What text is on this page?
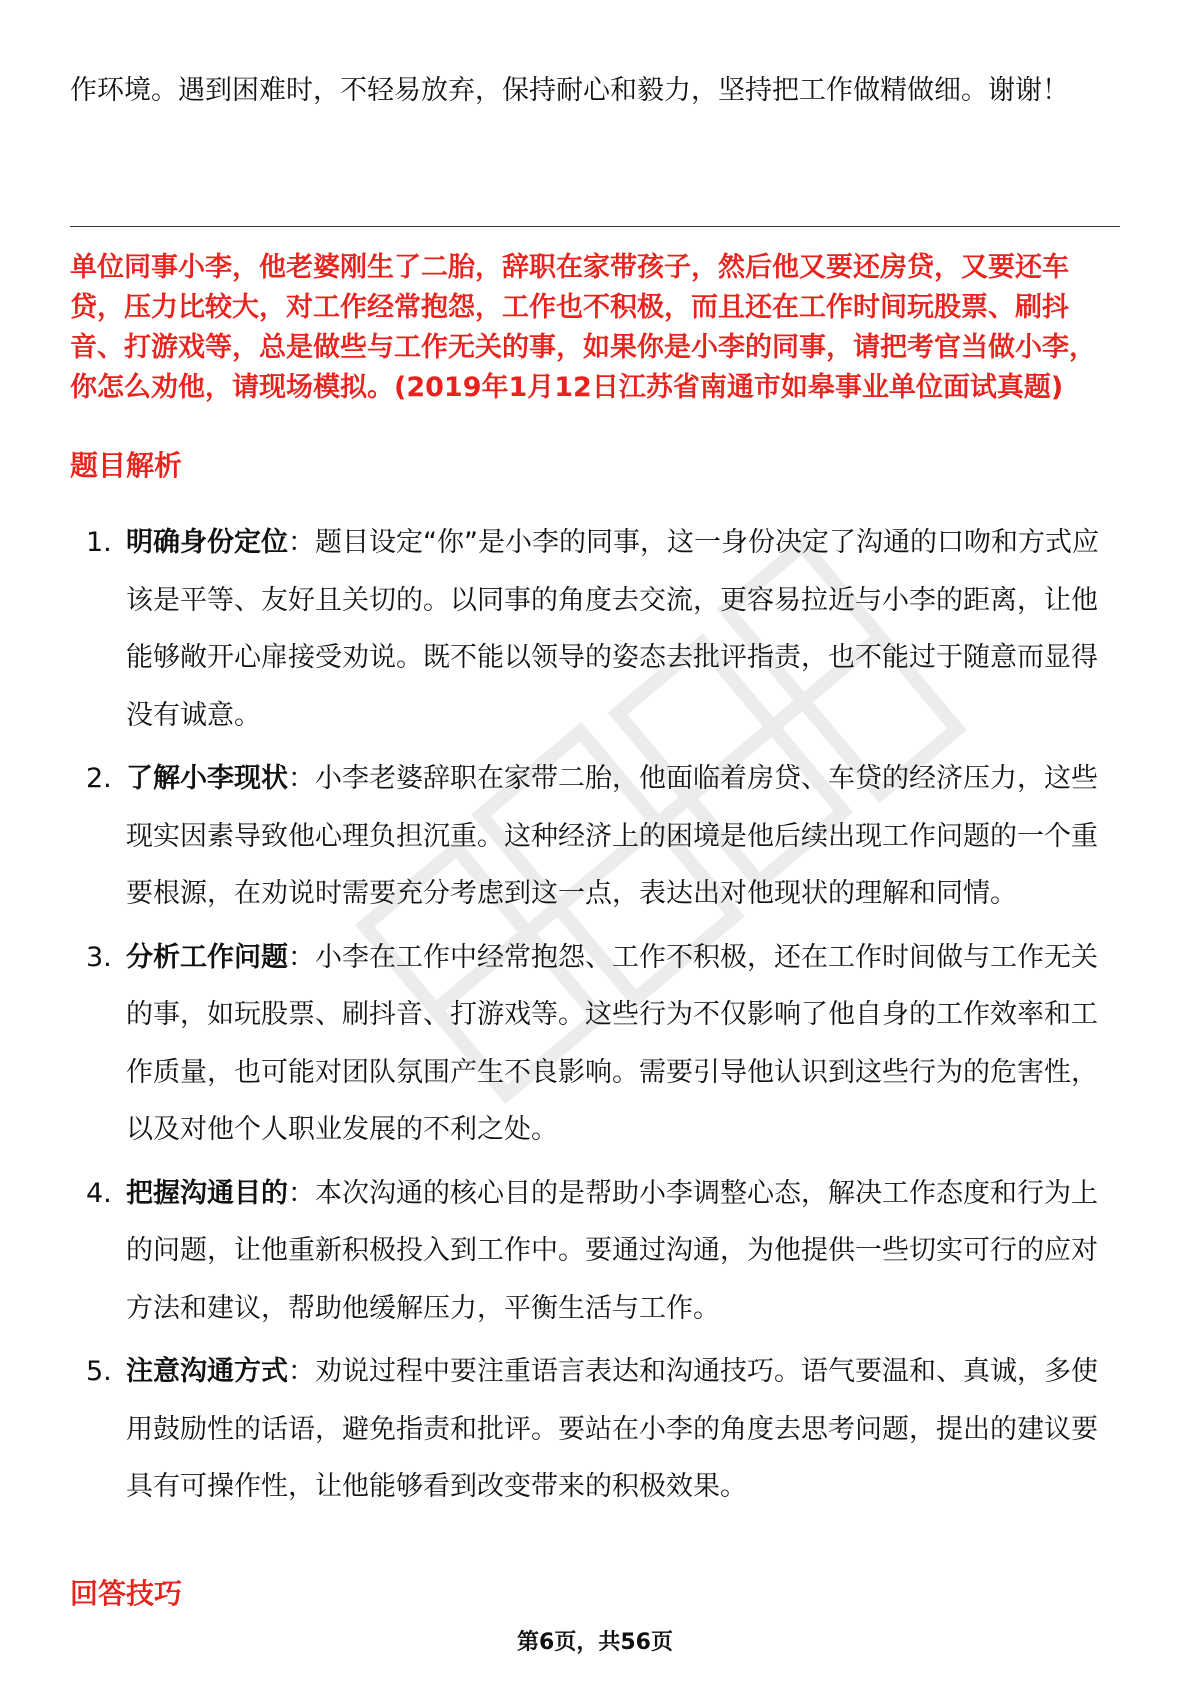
作环境。遇到困难时，不轻易放弃，保持耐心和毅力，坚持把工作做精做细。谢谢！

单位同事小李，他老婆刚生了二胎，辞职在家带孩子，然后他又要还房贷，又要还车贷，压力比较大，对工作经常抱怨，工作也不积极，而且还在工作时间玩股票、刷抖音、打游戏等，总是做些与工作无关的事，如果你是小李的同事，请把考官当做小李，你怎么劝他，请现场模拟。(2019年1月12日江苏省南通市如皋事业单位面试真题)

题目解析
1. 明确身份定位：题目设定“你”是小李的同事，这一身份决定了沟通的口吻和方式应该是平等、友好且关切的。以同事的角度去交流，更容易拉近与小李的距离，让他能够敞开心扉接受劝说。既不能以领导的姿态去批评指责，也不能过于随意而显得没有诚意。
2. 了解小李现状：小李老婆辞职在家带二胎，他面临着房贷、车贷的经济压力，这些现实因素导致他心理负担沉重。这种经济上的困境是他后续出现工作问题的一个重要根源，在劝说时需要充分考虑到这一点，表达出对他现状的理解和同情。
3. 分析工作问题：小李在工作中经常抱怨、工作不积极，还在工作时间做与工作无关的事，如玩股票、刷抖音、打游戏等。这些行为不仅影响了他自身的工作效率和工作质量，也可能对团队氛围产生不良影响。需要引导他认识到这些行为的危害性，以及对他个人职业发展的不利之处。
4. 把握沟通目的：本次沟通的核心目的是帮助小李调整心态，解决工作态度和行为上的问题，让他重新积极投入到工作中。要通过沟通，为他提供一些切实可行的应对方法和建议，帮助他缓解压力，平衡生活与工作。
5. 注意沟通方式：劝说过程中要注重语言表达和沟通技巧。语气要温和、真诚，多使用鼓励性的话语，避免指责和批评。要站在小李的角度去思考问题，提出的建议要具有可操作性，让他能够看到改变带来的积极效果。
回答技巧
第6页，共56页
